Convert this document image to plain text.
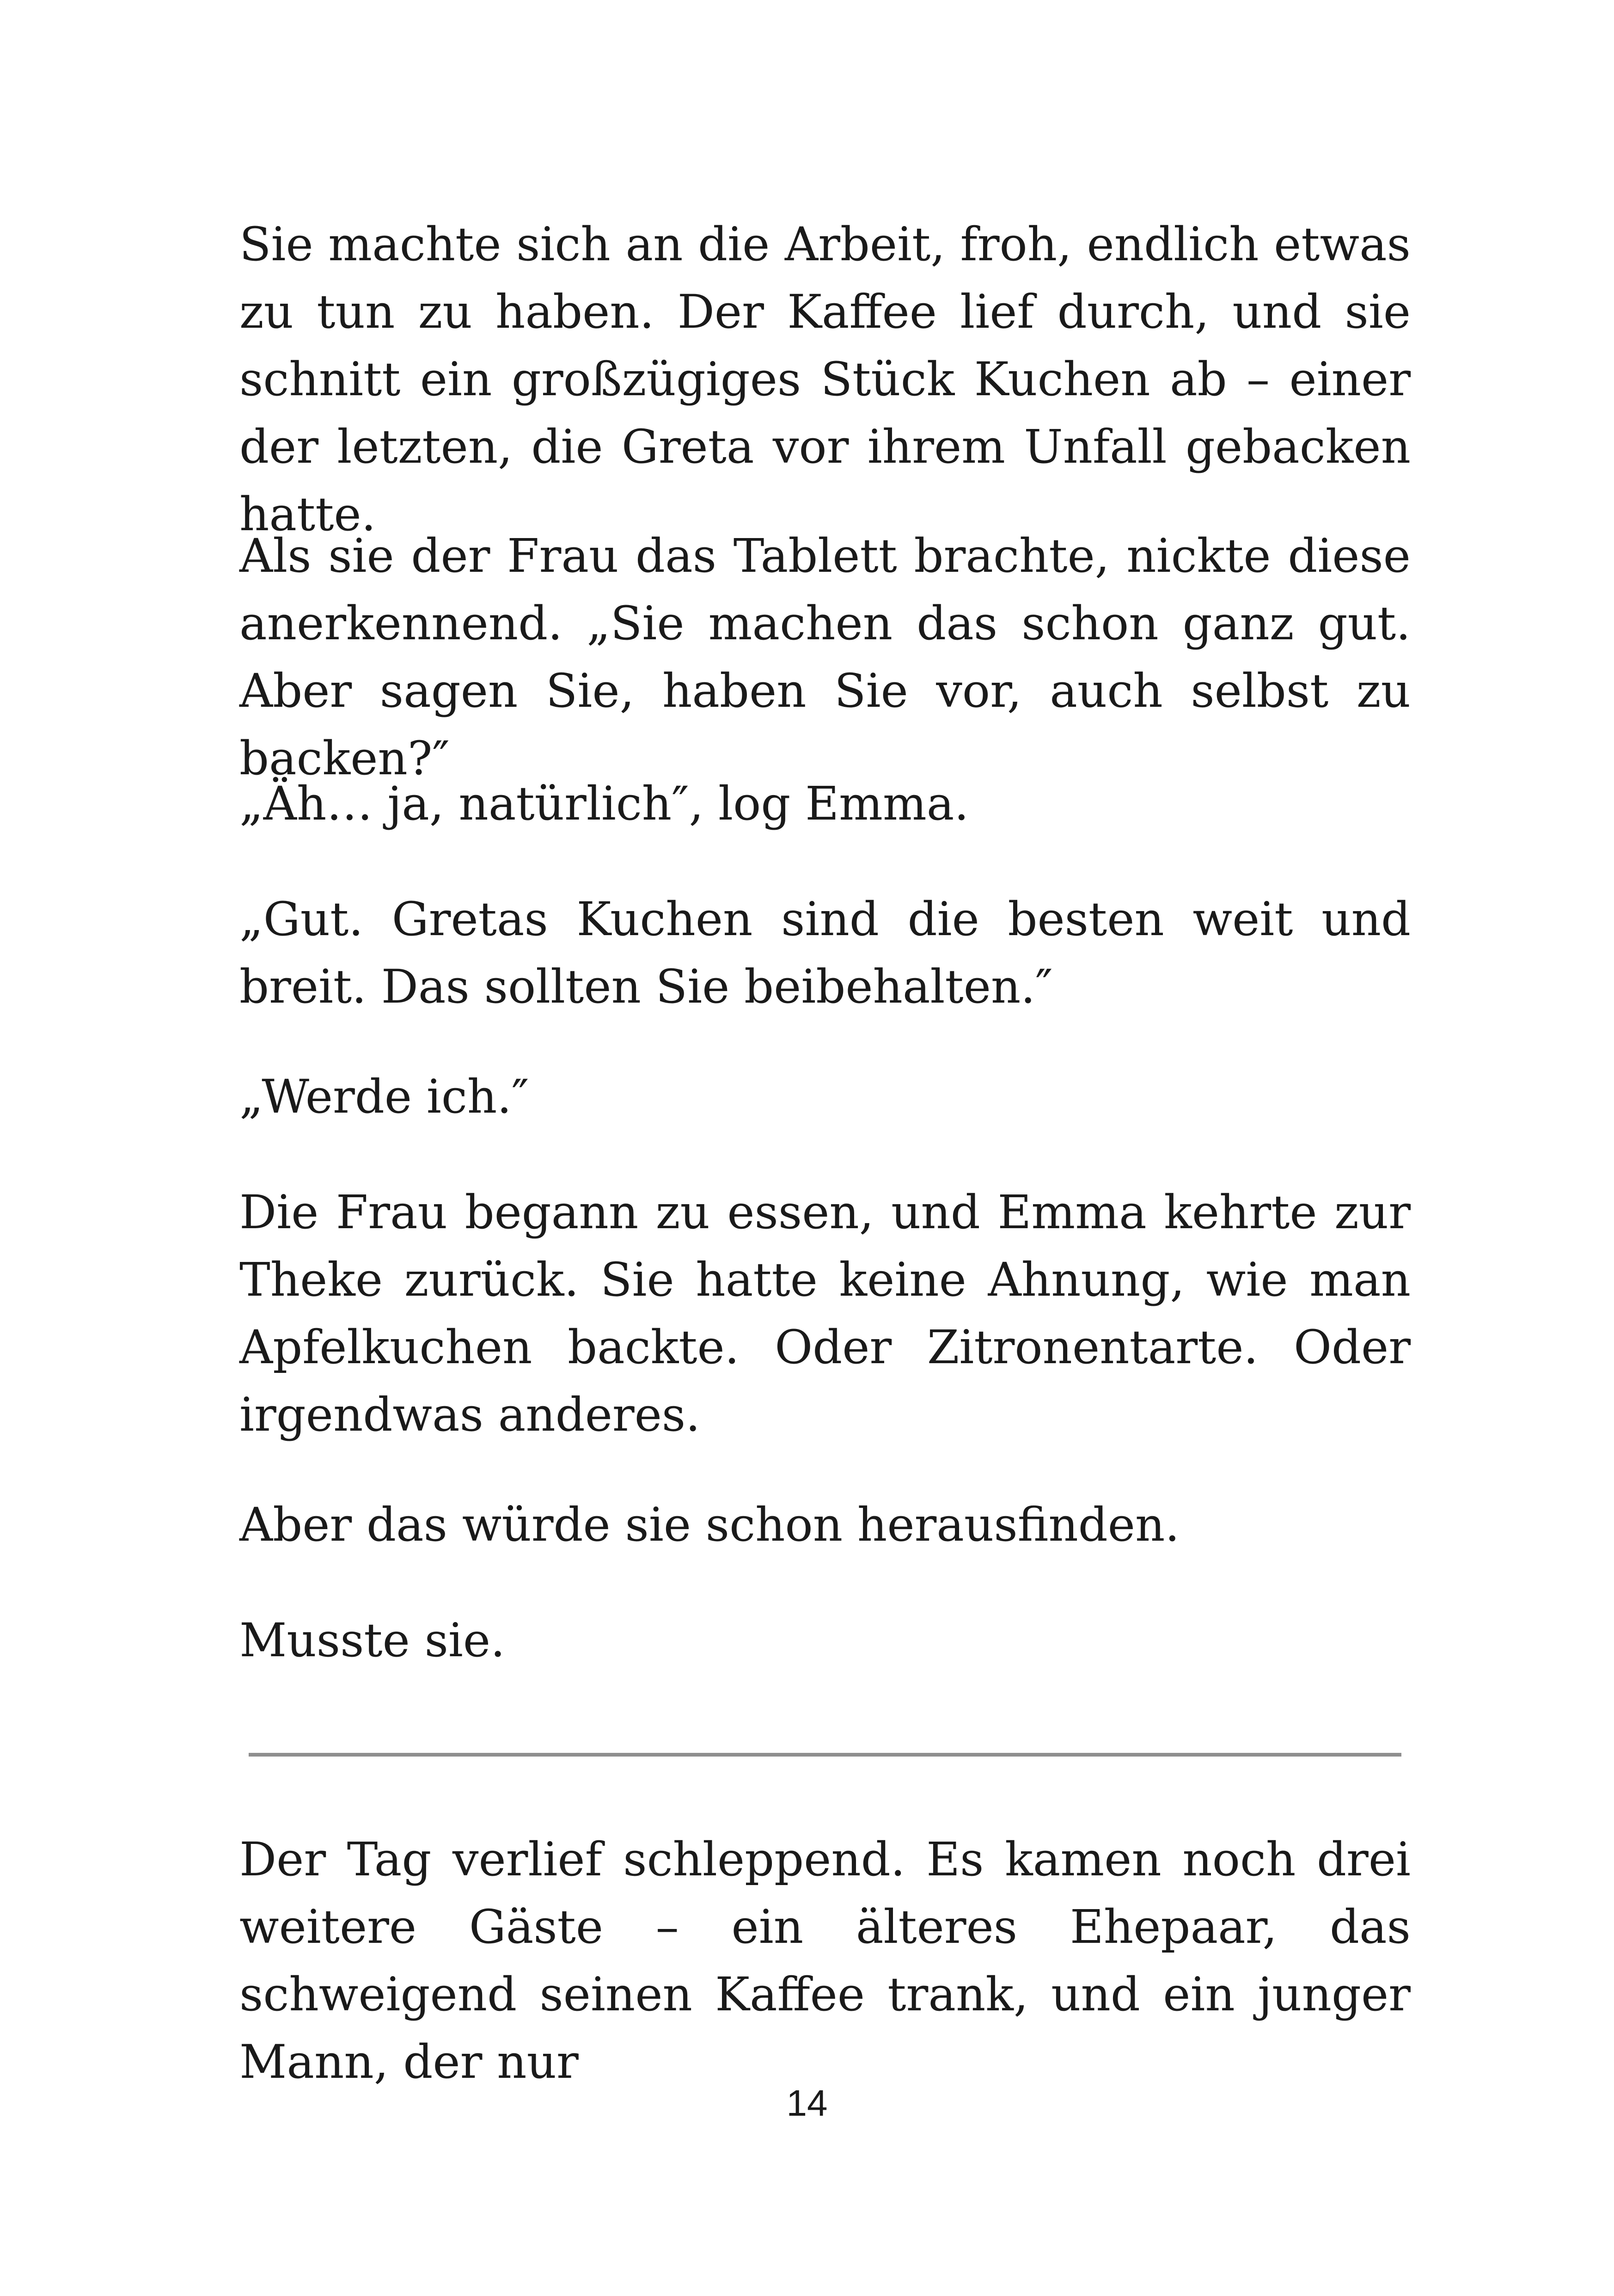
Sie machte sich an die Arbeit, froh, endlich etwas zu tun zu haben. Der Kaffee lief durch, und sie schnitt ein großzügiges Stück Kuchen ab – einer der letzten, die Greta vor ihrem Unfall gebacken hatte.

Als sie der Frau das Tablett brachte, nickte diese anerkennend. „Sie machen das schon ganz gut. Aber sagen Sie, haben Sie vor, auch selbst zu backen?″

„Äh… ja, natürlich″, log Emma.

„Gut. Gretas Kuchen sind die besten weit und breit. Das sollten Sie beibehalten.″

„Werde ich.″

Die Frau begann zu essen, und Emma kehrte zur Theke zurück. Sie hatte keine Ahnung, wie man Apfelkuchen backte. Oder Zitronentarte. Oder irgendwas anderes.

Aber das würde sie schon herausfinden.

Musste sie.

Der Tag verlief schleppend. Es kamen noch drei weitere Gäste – ein älteres Ehepaar, das schweigend seinen Kaffee trank, und ein junger Mann, der nur

14
